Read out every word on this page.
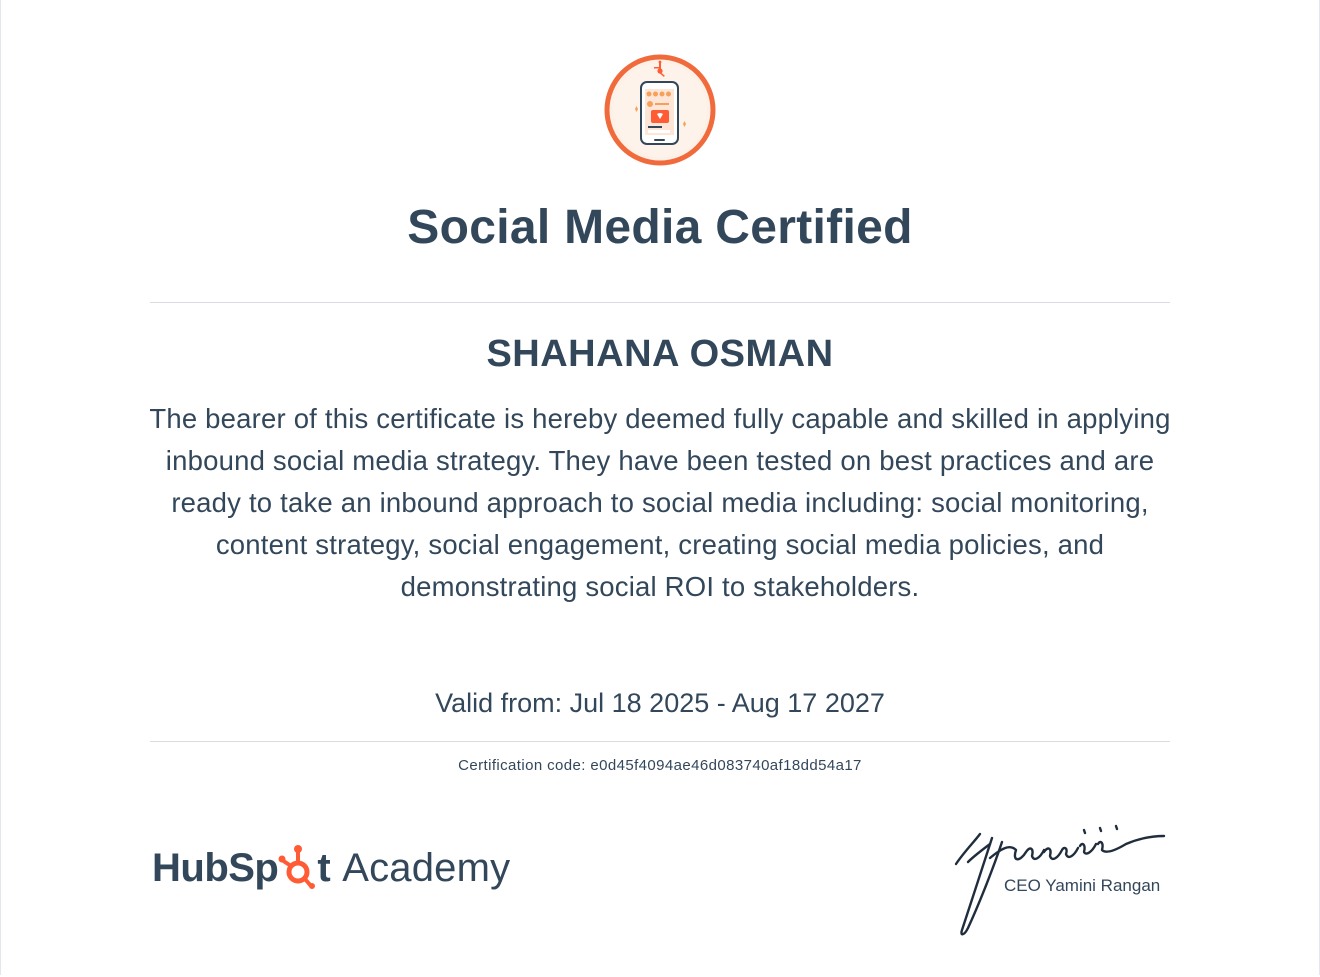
Social Media Certified
SHAHANA OSMAN
The bearer of this certificate is hereby deemed fully capable and skilled in applying inbound social media strategy. They have been tested on best practices and are ready to take an inbound approach to social media including: social monitoring, content strategy, social engagement, creating social media policies, and demonstrating social ROI to stakeholders.
Valid from: Jul 18 2025 - Aug 17 2027
Certification code: e0d45f4094ae46d083740af18dd54a17
HubSp t Academy	CEO Yamini Rangan
